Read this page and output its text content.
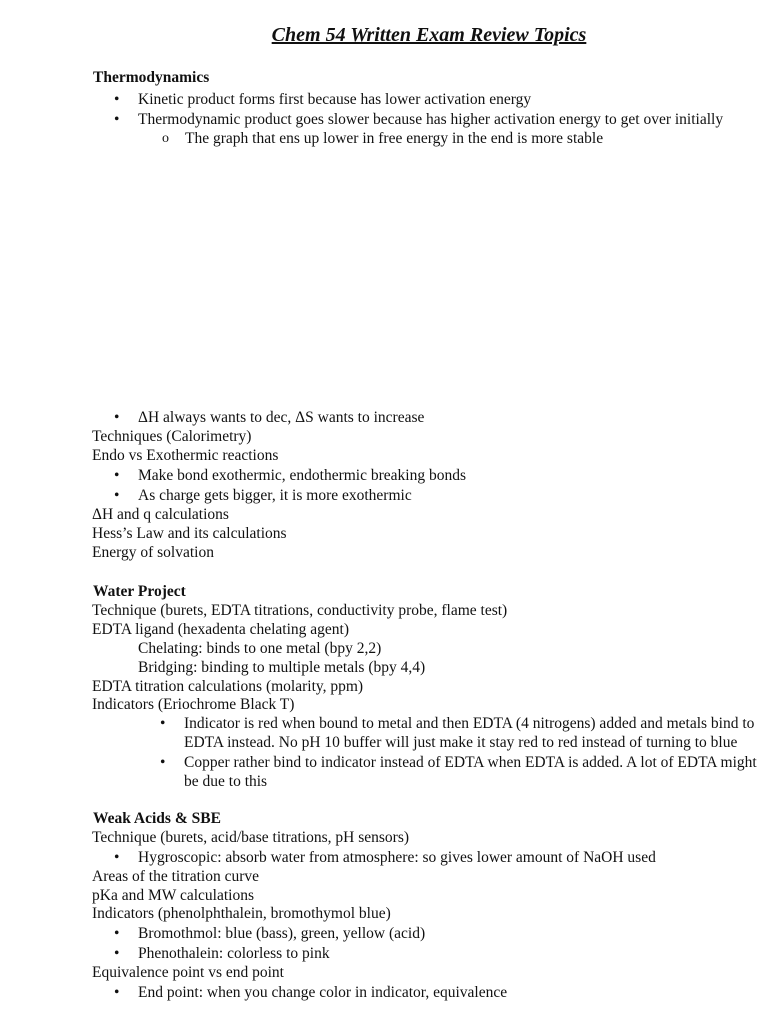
Chem 54 Written Exam Review Topics
Thermodynamics
• Kinetic product forms first because has lower activation energy
• Thermodynamic product goes slower because has higher activation energy to get over initially
o The graph that ens up lower in free energy in the end is more stable
• ΔH always wants to dec, ΔS wants to increase
Techniques (Calorimetry)
Endo vs Exothermic reactions
• Make bond exothermic, endothermic breaking bonds
• As charge gets bigger, it is more exothermic
ΔH and q calculations
Hess’s Law and its calculations
Energy of solvation
Water Project
Technique (burets, EDTA titrations, conductivity probe, flame test)
EDTA ligand (hexadenta chelating agent)
Chelating: binds to one metal (bpy 2,2)
Bridging: binding to multiple metals (bpy 4,4)
EDTA titration calculations (molarity, ppm)
Indicators (Eriochrome Black T)
• Indicator is red when bound to metal and then EDTA (4 nitrogens) added and metals bind to
EDTA instead. No pH 10 buffer will just make it stay red to red instead of turning to blue
• Copper rather bind to indicator instead of EDTA when EDTA is added. A lot of EDTA might
be due to this
Weak Acids & SBE
Technique (burets, acid/base titrations, pH sensors)
• Hygroscopic: absorb water from atmosphere: so gives lower amount of NaOH used
Areas of the titration curve
pKa and MW calculations
Indicators (phenolphthalein, bromothymol blue)
• Bromothmol: blue (bass), green, yellow (acid)
• Phenothalein: colorless to pink
Equivalence point vs end point
• End point: when you change color in indicator, equivalence
